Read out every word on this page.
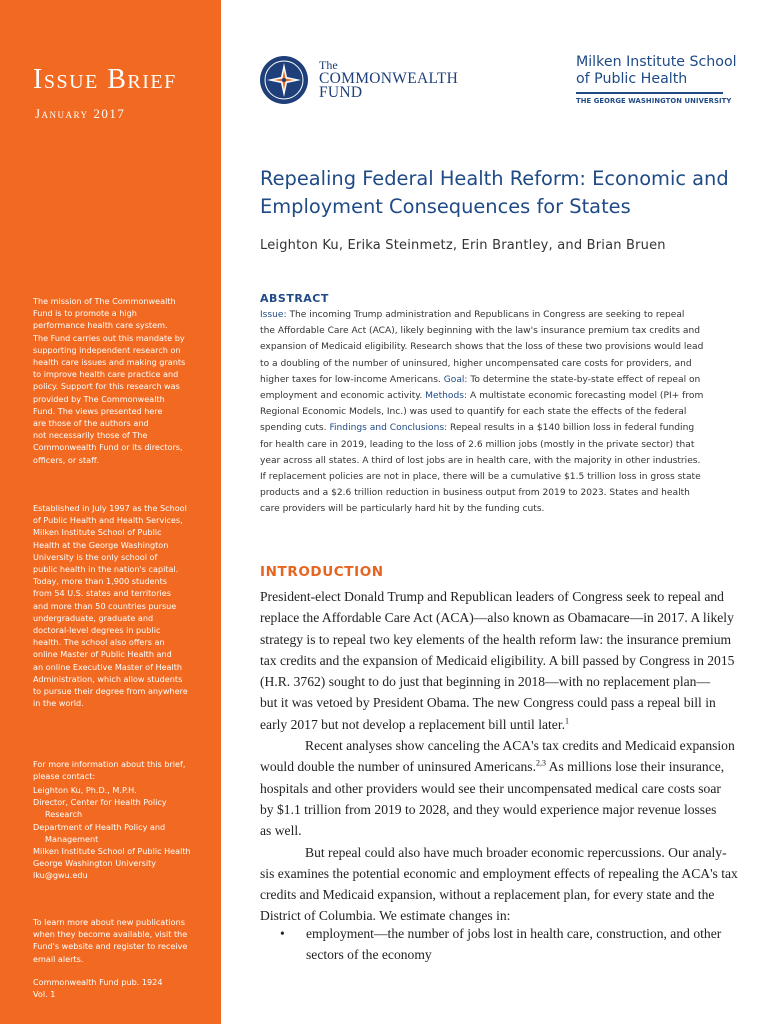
Issue Brief
January 2017
The mission of The Commonwealth
Fund is to promote a high
performance health care system.
The Fund carries out this mandate by
supporting independent research on
health care issues and making grants
to improve health care practice and
policy. Support for this research was
provided by The Commonwealth
Fund. The views presented here
are those of the authors and
not necessarily those of The
Commonwealth Fund or its directors,
officers, or staff.
Established in July 1997 as the School
of Public Health and Health Services,
Milken Institute School of Public
Health at the George Washington
University is the only school of
public health in the nation's capital.
Today, more than 1,900 students
from 54 U.S. states and territories
and more than 50 countries pursue
undergraduate, graduate and
doctoral-level degrees in public
health. The school also offers an
online Master of Public Health and
an online Executive Master of Health
Administration, which allow students
to pursue their degree from anywhere
in the world.
For more information about this brief,
please contact:
Leighton Ku, Ph.D., M.P.H.
Director, Center for Health Policy
Research
Department of Health Policy and
Management
Milken Institute School of Public Health
George Washington University
lku@gwu.edu
To learn more about new publications
when they become available, visit the
Fund's website and register to receive
email alerts.
Commonwealth Fund pub. 1924
Vol. 1
The
COMMONWEALTH
FUND
Milken Institute School
of Public Health
THE GEORGE WASHINGTON UNIVERSITY
Repealing Federal Health Reform: Economic and Employment Consequences for States
Leighton Ku, Erika Steinmetz, Erin Brantley, and Brian Bruen
ABSTRACT
Issue: The incoming Trump administration and Republicans in Congress are seeking to repeal
the Affordable Care Act (ACA), likely beginning with the law's insurance premium tax credits and
expansion of Medicaid eligibility. Research shows that the loss of these two provisions would lead
to a doubling of the number of uninsured, higher uncompensated care costs for providers, and
higher taxes for low-income Americans. Goal: To determine the state-by-state effect of repeal on
employment and economic activity. Methods: A multistate economic forecasting model (PI+ from
Regional Economic Models, Inc.) was used to quantify for each state the effects of the federal
spending cuts. Findings and Conclusions: Repeal results in a $140 billion loss in federal funding
for health care in 2019, leading to the loss of 2.6 million jobs (mostly in the private sector) that
year across all states. A third of lost jobs are in health care, with the majority in other industries.
If replacement policies are not in place, there will be a cumulative $1.5 trillion loss in gross state
products and a $2.6 trillion reduction in business output from 2019 to 2023. States and health
care providers will be particularly hard hit by the funding cuts.
INTRODUCTION
President-elect Donald Trump and Republican leaders of Congress seek to repeal and
replace the Affordable Care Act (ACA)—also known as Obamacare—in 2017. A likely
strategy is to repeal two key elements of the health reform law: the insurance premium
tax credits and the expansion of Medicaid eligibility. A bill passed by Congress in 2015
(H.R. 3762) sought to do just that beginning in 2018—with no replacement plan—
but it was vetoed by President Obama. The new Congress could pass a repeal bill in
early 2017 but not develop a replacement bill until later.$^1$
Recent analyses show canceling the ACA's tax credits and Medicaid expansion
would double the number of uninsured Americans.$^{2,3}$ As millions lose their insurance,
hospitals and other providers would see their uncompensated medical care costs soar
by $1.1 trillion from 2019 to 2028, and they would experience major revenue losses
as well.
But repeal could also have much broader economic repercussions. Our analy-
sis examines the potential economic and employment effects of repealing the ACA's tax
credits and Medicaid expansion, without a replacement plan, for every state and the
District of Columbia. We estimate changes in:
• employment—the number of jobs lost in health care, construction, and other
sectors of the economy
